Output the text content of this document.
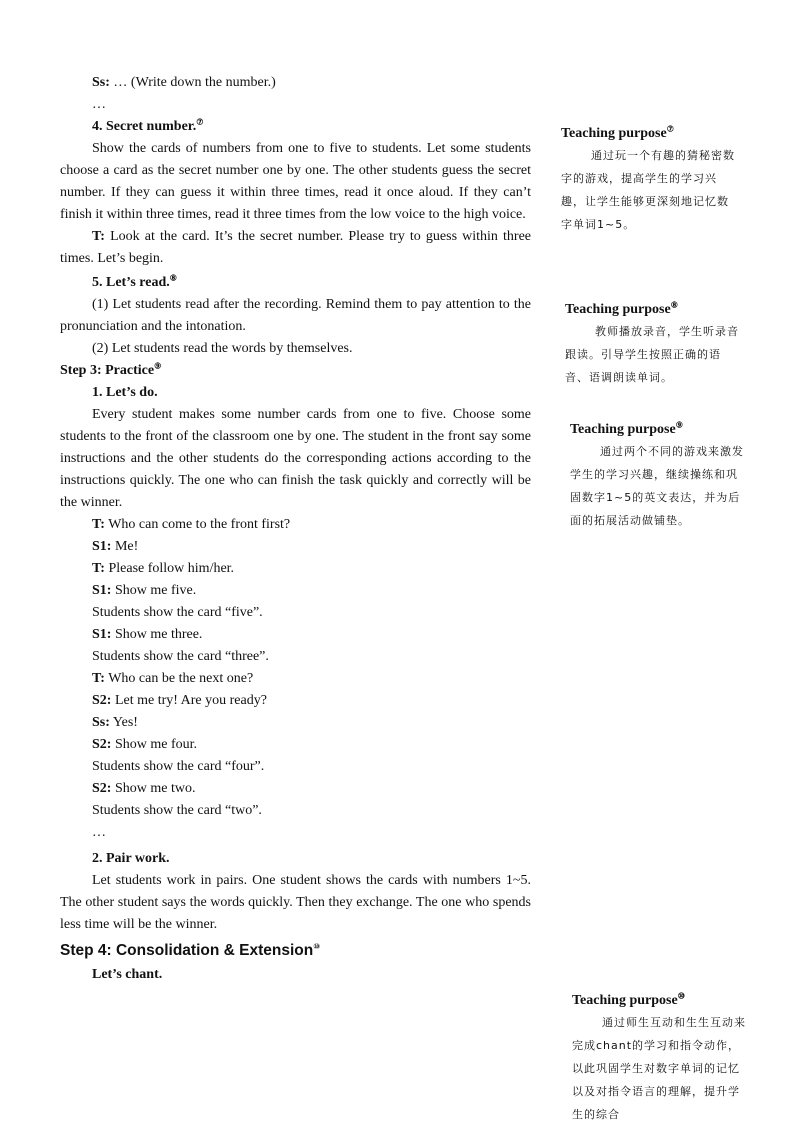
Ss: … (Write down the number.)
…
4. Secret number.⑦

Show the cards of numbers from one to five to students. Let some students choose a card as the secret number one by one. The other students guess the secret number. If they can guess it within three times, read it once aloud. If they can’t finish it within three times, read it three times from the low voice to the high voice.

T: Look at the card. It’s the secret number. Please try to guess within three times. Let’s begin.

5. Let’s read.⑧

(1) Let students read after the recording. Remind them to pay attention to the pronunciation and the intonation.

(2) Let students read the words by themselves.
Step 3: Practice⑨
1. Let’s do.

Every student makes some number cards from one to five. Choose some students to the front of the classroom one by one. The student in the front say some instructions and the other students do the corresponding actions according to the instructions quickly. The one who can finish the task quickly and correctly will be the winner.

T: Who can come to the front first?
S1: Me!
T: Please follow him/her.
S1: Show me five.
Students show the card “five”.
S1: Show me three.
Students show the card “three”.
T: Who can be the next one?
S2: Let me try! Are you ready?
Ss: Yes!
S2: Show me four.
Students show the card “four”.
S2: Show me two.
Students show the card “two”.
…
2. Pair work.

Let students work in pairs. One student shows the cards with numbers 1~5. The other student says the words quickly. Then they exchange. The one who spends less time will be the winner.

Step 4: Consolidation & Extension⑩
Let’s chant.
Teaching purpose⑦

通过玩一个有趣的猜秘密数字的游戏，提高学生的学习兴趣，让学生能够更深刻地记忆数字单词1~5。

Teaching purpose⑧

教师播放录音，学生听录音跟读。引导学生按照正确的语音、语调朗读单词。

Teaching purpose⑨

通过两个不同的游戏来激发学生的学习兴趣，继续操练和巩固数字1~5的英文表达，并为后面的拓展活动做铺垫。

Teaching purpose⑩

通过师生互动和生生互动来完成chant的学习和指令动作，以此巩固学生对数字单词的记忆以及对指令语言的理解，提升学生的综合
